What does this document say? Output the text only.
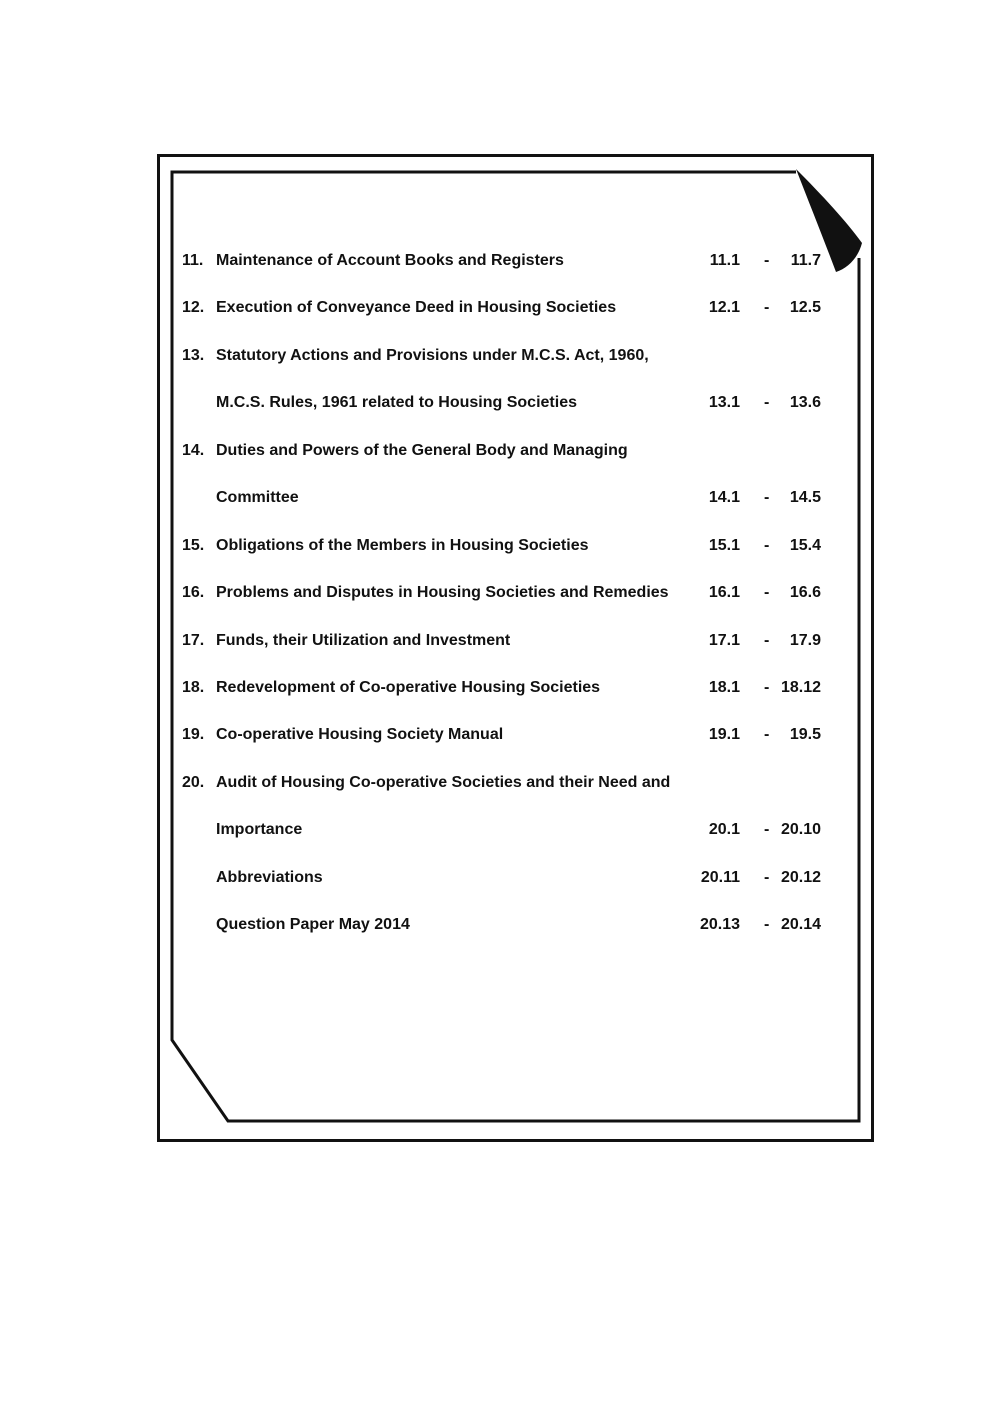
11. Maintenance of Account Books and Registers	11.1 - 11.7
12. Execution of Conveyance Deed in Housing Societies	12.1 - 12.5
13. Statutory Actions and Provisions under M.C.S. Act, 1960,
M.C.S. Rules, 1961 related to Housing Societies	13.1 - 13.6
14. Duties and Powers of the General Body and Managing
Committee	14.1 - 14.5
15. Obligations of the Members in Housing Societies	15.1 - 15.4
16. Problems and Disputes in Housing Societies and Remedies	16.1 - 16.6
17. Funds, their Utilization and Investment	17.1 - 17.9
18. Redevelopment of Co-operative Housing Societies	18.1 - 18.12
19. Co-operative Housing Society Manual	19.1 - 19.5
20. Audit of Housing Co-operative Societies and their Need and
Importance	20.1 - 20.10
Abbreviations	20.11 - 20.12
Question Paper May 2014	20.13 - 20.14
